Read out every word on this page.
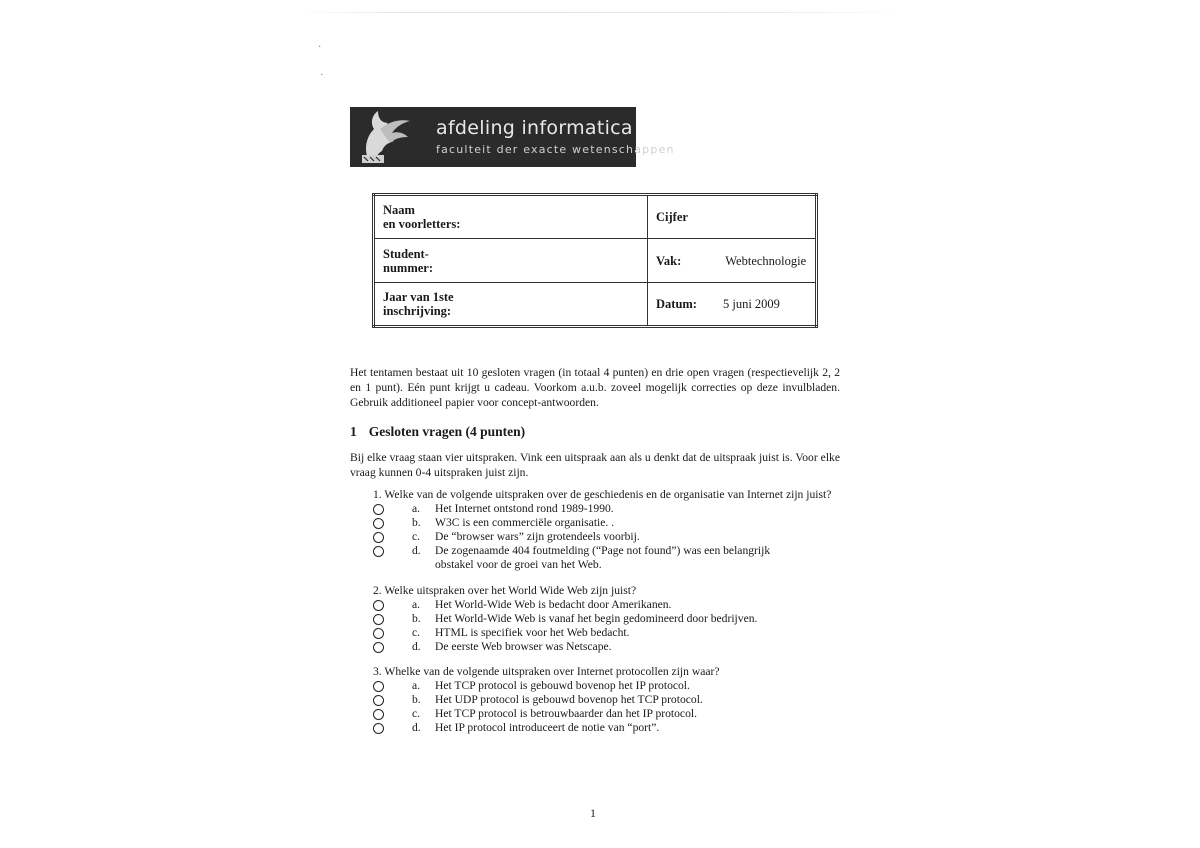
·
·
afdeling informatica
faculteit der exacte wetenschappen
Naam
en voorletters:	Cijfer

Student-
nummer:	Vak: Webtechnologie

Jaar van 1ste
inschrijving:	Datum: 5 juni 2009
Het tentamen bestaat uit 10 gesloten vragen (in totaal 4 punten) en drie open vragen (respectievelijk 2, 2 en 1 punt). Eén punt krijgt u cadeau. Voorkom a.u.b. zoveel mogelijk correcties op deze invulbladen. Gebruik additioneel papier voor concept-antwoorden.
1 Gesloten vragen (4 punten)
Bij elke vraag staan vier uitspraken. Vink een uitspraak aan als u denkt dat de uitspraak juist is. Voor elke vraag kunnen 0-4 uitspraken juist zijn.
1. Welke van de volgende uitspraken over de geschiedenis en de organisatie van Internet zijn juist?
a. Het Internet ontstond rond 1989-1990.
b. W3C is een commerciële organisatie. .
c. De “browser wars” zijn grotendeels voorbij.
d. De zogenaamde 404 foutmelding (“Page not found”) was een belangrijk
obstakel voor de groei van het Web.
2. Welke uitspraken over het World Wide Web zijn juist?
a. Het World-Wide Web is bedacht door Amerikanen.
b. Het World-Wide Web is vanaf het begin gedomineerd door bedrijven.
c. HTML is specifiek voor het Web bedacht.
d. De eerste Web browser was Netscape.
3. Whelke van de volgende uitspraken over Internet protocollen zijn waar?
a. Het TCP protocol is gebouwd bovenop het IP protocol.
b. Het UDP protocol is gebouwd bovenop het TCP protocol.
c. Het TCP protocol is betrouwbaarder dan het IP protocol.
d. Het IP protocol introduceert de notie van “port”.
1
